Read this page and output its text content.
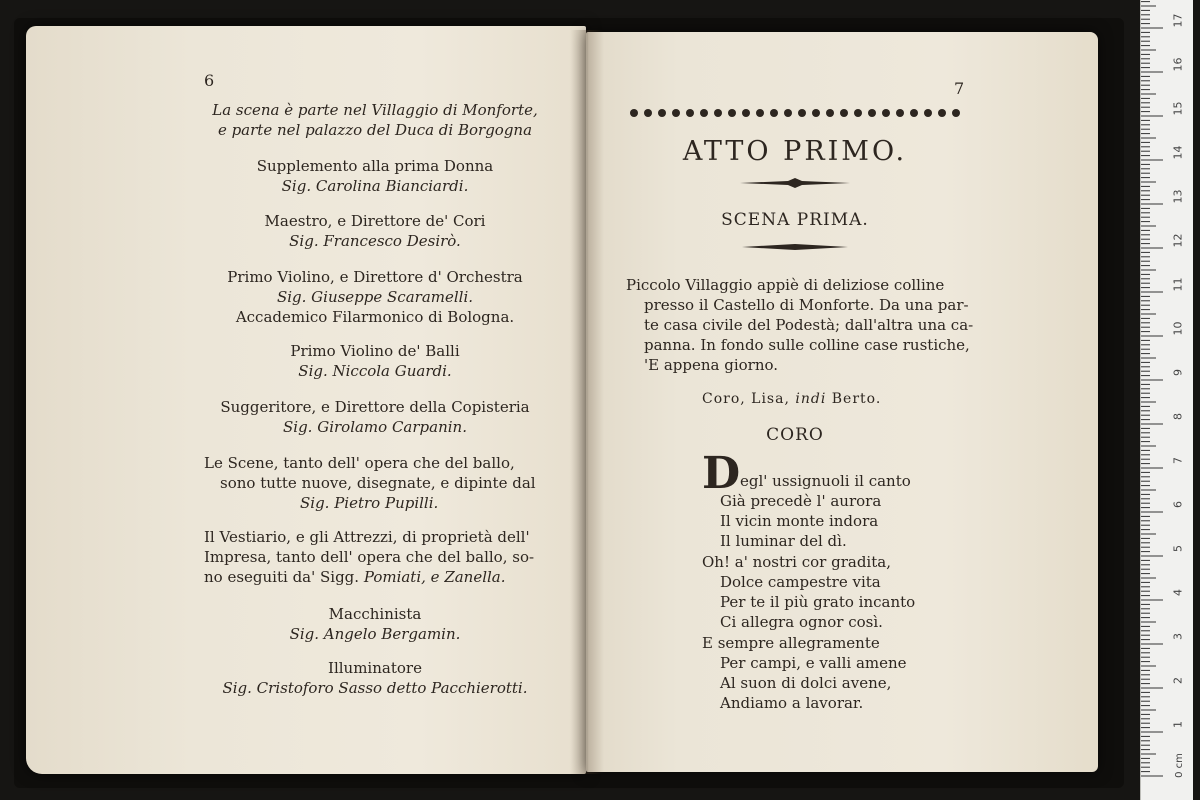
6
La scena è parte nel Villaggio di Monforte,
e parte nel palazzo del Duca di Borgogna
Supplemento alla prima Donna
Sig. Carolina Bianciardi.
Maestro, e Direttore de' Cori
Sig. Francesco Desirò.
Primo Violino, e Direttore d' Orchestra
Sig. Giuseppe Scaramelli.
Accademico Filarmonico di Bologna.
Primo Violino de' Balli
Sig. Niccola Guardi.
Suggeritore, e Direttore della Copisteria
Sig. Girolamo Carpanin.
Le Scene, tanto dell' opera che del ballo,
sono tutte nuove, disegnate, e dipinte dal
Sig. Pietro Pupilli.
Il Vestiario, e gli Attrezzi, di proprietà dell'
Impresa, tanto dell' opera che del ballo, so-
no eseguiti da' Sigg. Pomiati, e Zanella.
Macchinista
Sig. Angelo Bergamin.
Illuminatore
Sig. Cristoforo Sasso detto Pacchierotti.
7
ATTO PRIMO.
SCENA PRIMA.
Piccolo Villaggio appiè di deliziose colline
presso il Castello di Monforte. Da una par-
te casa civile del Podestà; dall'altra una ca-
panna. In fondo sulle colline case rustiche,
'E appena giorno.
Coro, Lisa, indi Berto.
CORO
D egl' ussignuoli il canto
Già precedè l' aurora
Il vicin monte indora
Il luminar del dì.
Oh! a' nostri cor gradita,
Dolce campestre vita
Per te il più grato incanto
Ci allegra ognor così.
E sempre allegramente
Per campi, e valli amene
Al suon di dolci avene,
Andiamo a lavorar.
17
16
15
14
13
12
11
10
9
8
7
6
5
4
3
2
1
0 cm
